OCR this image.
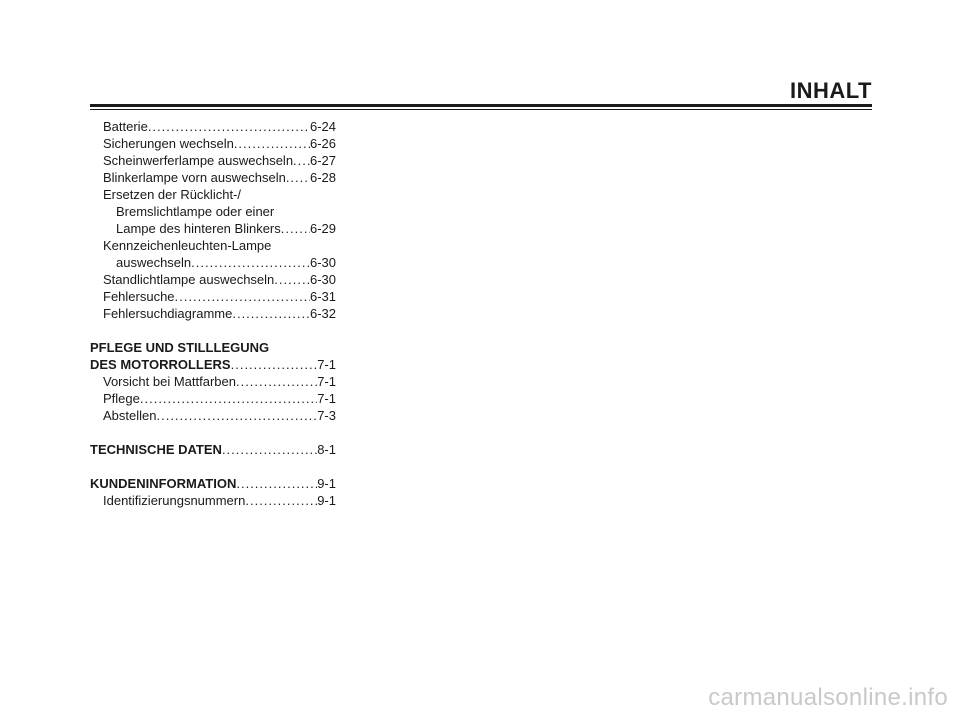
INHALT
Batterie .....	6-24
Sicherungen wechseln .....	6-26
Scheinwerferlampe auswechseln ..... 6-27
Blinkerlampe vorn auswechseln ..... 6-28
Ersetzen der Rücklicht-/
Bremslichtlampe oder einer
Lampe des hinteren Blinkers ..... 6-29
Kennzeichenleuchten-Lampe
auswechseln .....	6-30
Standlichtlampe auswechseln .....	6-30
Fehlersuche .....	6-31
Fehlersuchdiagramme .....	6-32
PFLEGE UND STILLLEGUNG
DES MOTORROLLERS .....	7-1
Vorsicht bei Mattfarben .....	7-1
Pflege .....	7-1
Abstellen .....	7-3
TECHNISCHE DATEN .....	8-1
KUNDENINFORMATION .....	9-1
Identifizierungsnummern .....	9-1
carmanualsonline.info
